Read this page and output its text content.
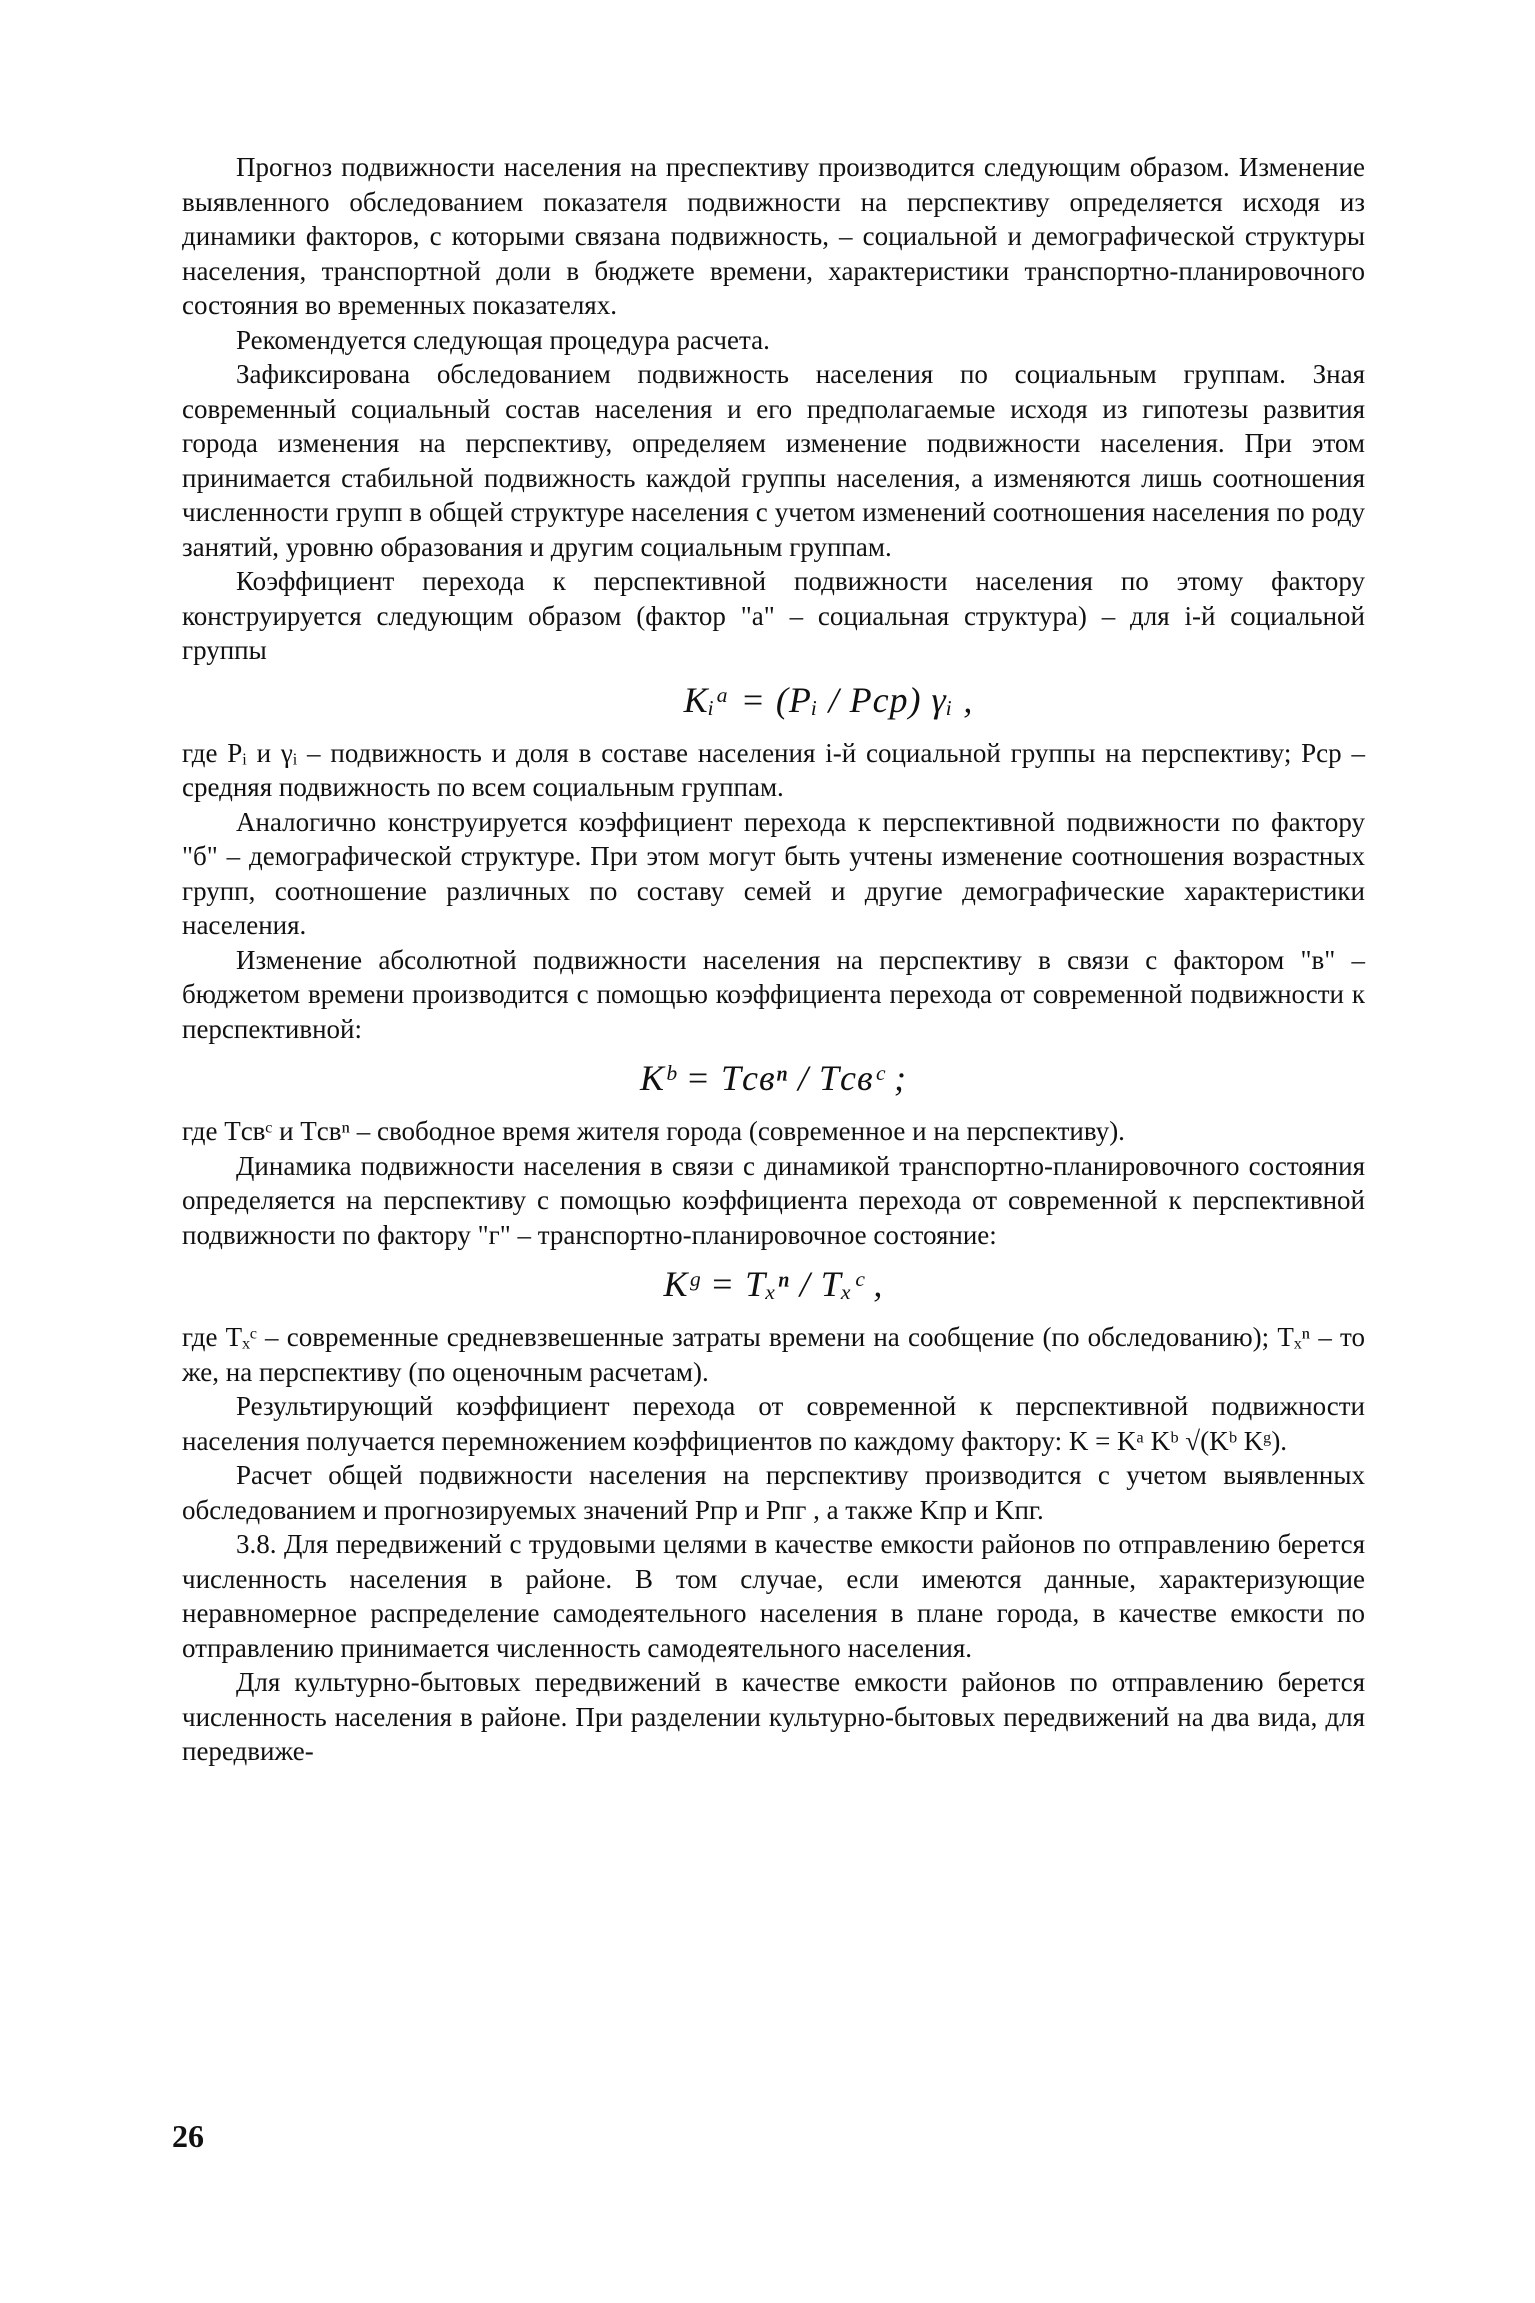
Прогноз подвижности населения на преспективу производится следующим образом. Изменение выявленного обследованием показателя подвижности на перспективу определяется исходя из динамики факторов, с которыми связана подвижность, – социальной и демографической структуры населения, транспортной доли в бюджете времени, характеристики транспортно-планировочного состояния во временных показателях.

Рекомендуется следующая процедура расчета.

Зафиксирована обследованием подвижность населения по социальным группам. Зная современный социальный состав населения и его предполагаемые исходя из гипотезы развития города изменения на перспективу, определяем изменение подвижности населения. При этом принимается стабильной подвижность каждой группы населения, а изменяются лишь соотношения численности групп в общей структуре населения с учетом изменений соотношения населения по роду занятий, уровню образования и другим социальным группам.

Коэффициент перехода к перспективной подвижности населения по этому фактору конструируется следующим образом (фактор "а" – социальная структура) – для i-й социальной группы

Kᵢᵃ = (Pᵢ / Pср) γᵢ ,

где Pᵢ и γᵢ – подвижность и доля в составе населения i-й социальной группы на перспективу; Pср – средняя подвижность по всем социальным группам.

Аналогично конструируется коэффициент перехода к перспективной подвижности по фактору "б" – демографической структуре. При этом могут быть учтены изменение соотношения возрастных групп, соотношение различных по составу семей и другие демографические характеристики населения.

Изменение абсолютной подвижности населения на перспективу в связи с фактором "в" – бюджетом времени производится с помощью коэффициента перехода от современной подвижности к перспективной:

Kᵇ = Tсвⁿ / Tсвᶜ ;

где Tсвᶜ и Tсвⁿ – свободное время жителя города (современное и на перспективу).

Динамика подвижности населения в связи с динамикой транспортно-планировочного состояния определяется на перспективу с помощью коэффициента перехода от современной к перспективной подвижности по фактору "г" – транспортно-планировочное состояние:

Kᵍ = Tₓⁿ / Tₓᶜ ,

где Tₓᶜ – современные средневзвешенные затраты времени на сообщение (по обследованию); Tₓⁿ – то же, на перспективу (по оценочным расчетам).

Результирующий коэффициент перехода от современной к перспективной подвижности населения получается перемножением коэффициентов по каждому фактору: K = Kᵃ Kᵇ √(Kᵇ Kᵍ).

Расчет общей подвижности населения на перспективу производится с учетом выявленных обследованием и прогнозируемых значений Pпр и Pпг , а также Kпр и Kпг.

3.8. Для передвижений с трудовыми целями в качестве емкости районов по отправлению берется численность населения в районе. В том случае, если имеются данные, характеризующие неравномерное распределение самодеятельного населения в плане города, в качестве емкости по отправлению принимается численность самодеятельного населения.

Для культурно-бытовых передвижений в качестве емкости районов по отправлению берется численность населения в районе. При разделении культурно-бытовых передвижений на два вида, для передвиже-

26
